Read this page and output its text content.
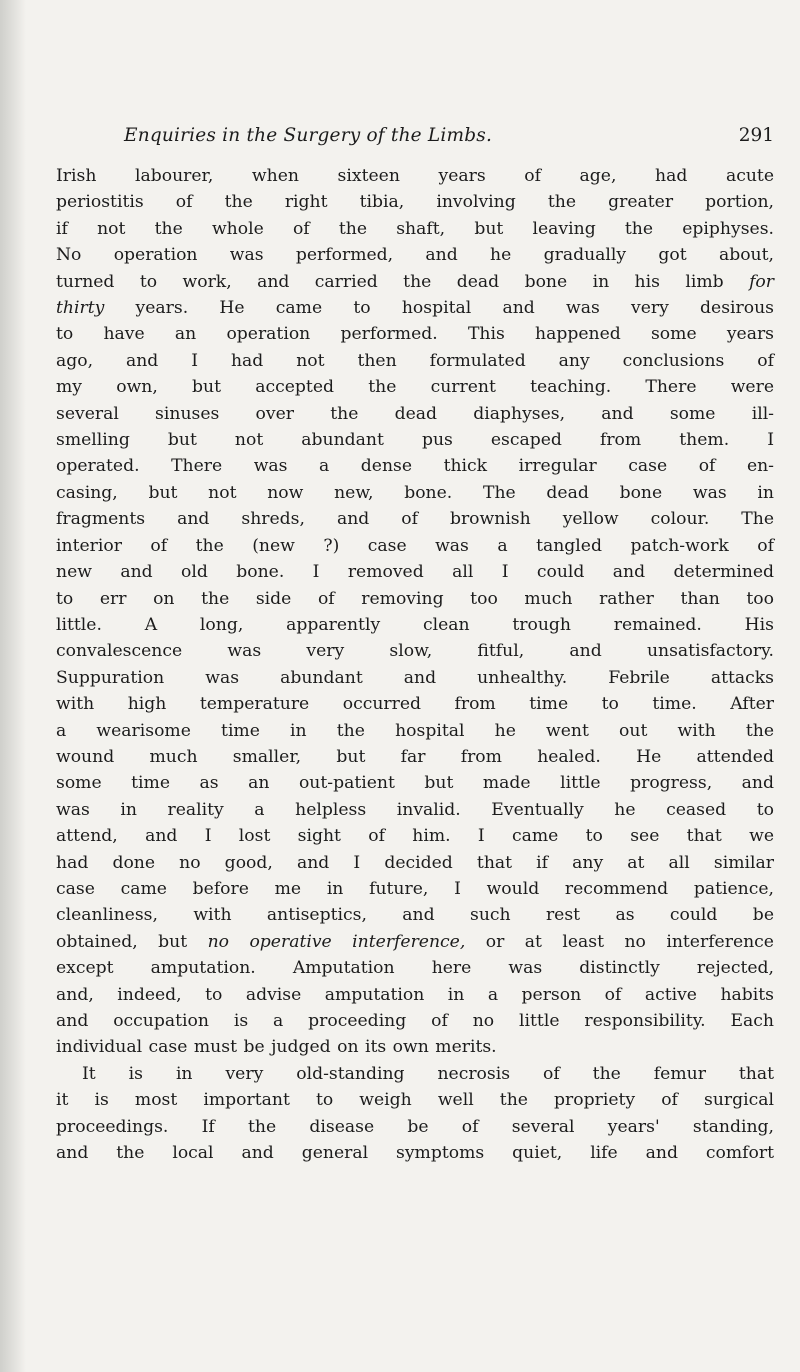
Enquiries in the Surgery of the Limbs.	291

Irish labourer, when sixteen years of age, had acute
periostitis of the right tibia, involving the greater portion,
if not the whole of the shaft, but leaving the epiphyses.
No operation was performed, and he gradually got about,
turned to work, and carried the dead bone in his limb for
thirty years. He came to hospital and was very desirous
to have an operation performed. This happened some years
ago, and I had not then formulated any conclusions of
my own, but accepted the current teaching. There were
several sinuses over the dead diaphyses, and some ill-
smelling but not abundant pus escaped from them. I
operated. There was a dense thick irregular case of en-
casing, but not now new, bone. The dead bone was in
fragments and shreds, and of brownish yellow colour. The
interior of the (new ?) case was a tangled patch-work of
new and old bone. I removed all I could and determined
to err on the side of removing too much rather than too
little. A long, apparently clean trough remained. His
convalescence was very slow, fitful, and unsatisfactory.
Suppuration was abundant and unhealthy. Febrile attacks
with high temperature occurred from time to time. After
a wearisome time in the hospital he went out with the
wound much smaller, but far from healed. He attended
some time as an out-patient but made little progress, and
was in reality a helpless invalid. Eventually he ceased to
attend, and I lost sight of him. I came to see that we
had done no good, and I decided that if any at all similar
case came before me in future, I would recommend patience,
cleanliness, with antiseptics, and such rest as could be
obtained, but no operative interference, or at least no interference
except amputation. Amputation here was distinctly rejected,
and, indeed, to advise amputation in a person of active habits
and occupation is a proceeding of no little responsibility. Each
individual case must be judged on its own merits.

It is in very old-standing necrosis of the femur that
it is most important to weigh well the propriety of surgical
proceedings. If the disease be of several years' standing,
and the local and general symptoms quiet, life and comfort
